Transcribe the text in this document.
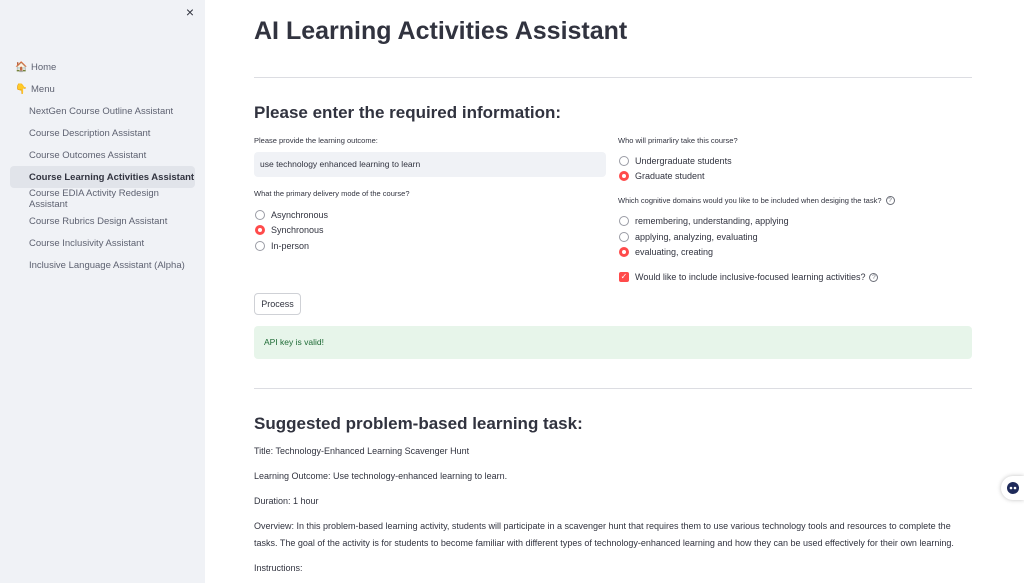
×
🏠 Home
👇 Menu
NextGen Course Outline Assistant
Course Description Assistant
Course Outcomes Assistant
Course Learning Activities Assistant
Course EDIA Activity Redesign Assistant
Course Rubrics Design Assistant
Course Inclusivity Assistant
Inclusive Language Assistant (Alpha)
AI Learning Activities Assistant
Please enter the required information:
Please provide the learning outcome:
use technology enhanced learning to learn
What the primary delivery mode of the course?
Asynchronous
Synchronous
In-person
Who will primarliry take this course?
Undergraduate students
Graduate student
Which cognitive domains would you like to be included when desiging the task?	?
remembering, understanding, applying
applying, analyzing, evaluating
evaluating, creating
✓ Would like to include inclusive-focused learning activities?	?
Process
API key is valid!
Suggested problem-based learning task:

Title: Technology-Enhanced Learning Scavenger Hunt

Learning Outcome: Use technology-enhanced learning to learn.

Duration: 1 hour

Overview: In this problem-based learning activity, students will participate in a scavenger hunt that requires them to use various technology tools and resources to complete the tasks. The goal of the activity is for students to become familiar with different types of technology-enhanced learning and how they can be used effectively for their own learning.

Instructions:
